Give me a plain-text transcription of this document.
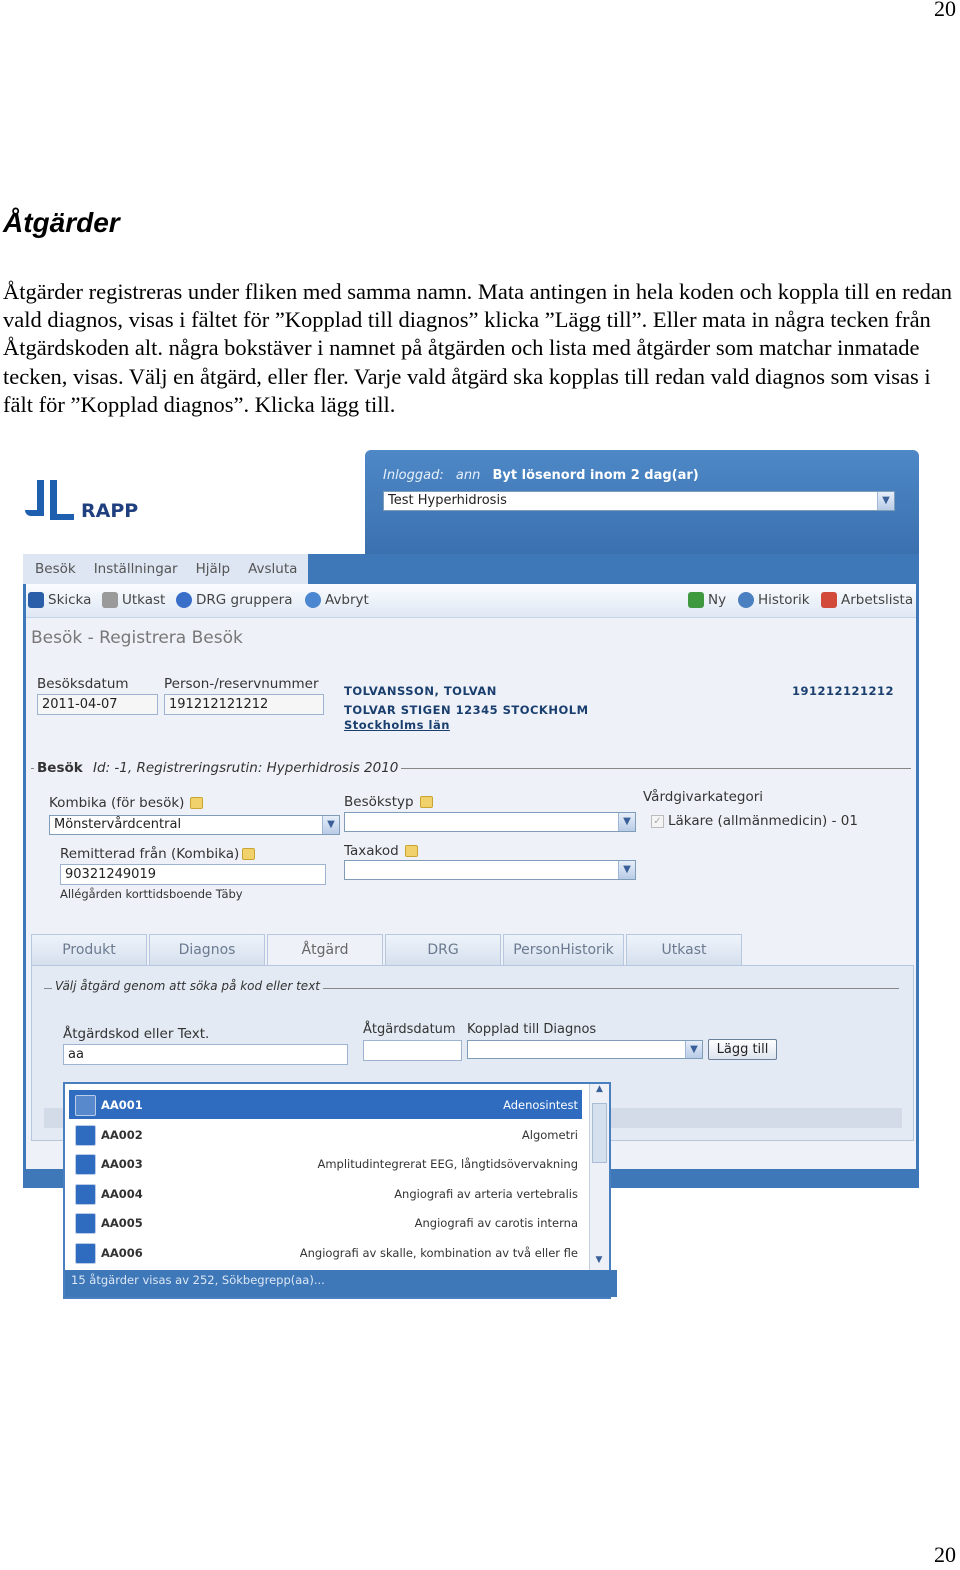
20
Åtgärder

Åtgärder registreras under fliken med samma namn. Mata antingen in hela koden och koppla till en redan vald diagnos, visas i fältet för ”Kopplad till diagnos” klicka ”Lägg till”. Eller mata in några tecken från Åtgärdskoden alt. några bokstäver i namnet på åtgärden och lista med åtgärder som matchar inmatade tecken, visas. Välj en åtgärd, eller fler. Varje vald åtgärd ska kopplas till redan vald diagnos som visas i fält för ”Kopplad diagnos”. Klicka lägg till.

RAPP
Inloggad: ann Byt lösenord inom 2 dag(ar)
Test Hyperhidrosis	▼
Besök Inställningar Hjälp Avsluta
Skicka Utkast DRG gruppera Avbryt	Ny Historik Arbetslista
Besök - Registrera Besök
Besöksdatum
2011-04-07
Person-/reservnummer
191212121212
TOLVANSSON, TOLVAN
TOLVAR STIGEN 12345 STOCKHOLM
Stockholms län
191212121212
Besök Id: -1, Registreringsrutin: Hyperhidrosis 2010
Kombika (för besök)
Mönstervårdcentral	▼
Besökstyp
▼
Vårdgivarkategori
✓ Läkare (allmänmedicin) - 01
Remitterad från (Kombika)
90321249019
Allégården korttidsboende Täby
Taxakod
▼
Produkt	Diagnos	Åtgärd	DRG	PersonHistorik	Utkast
Välj åtgärd genom att söka på kod eller text
Åtgärdskod eller Text.
aa
Åtgärdsdatum Kopplad till Diagnos
▼	Lägg till
AA001	Adenosintest
AA002	Algometri
AA003	Amplitudintegrerat EEG, långtidsövervakning
AA004	Angiografi av arteria vertebralis
AA005	Angiografi av carotis interna
AA006	Angiografi av skalle, kombination av två eller fle
▲
▼
15 åtgärder visas av 252, Sökbegrepp(aa)...
20
